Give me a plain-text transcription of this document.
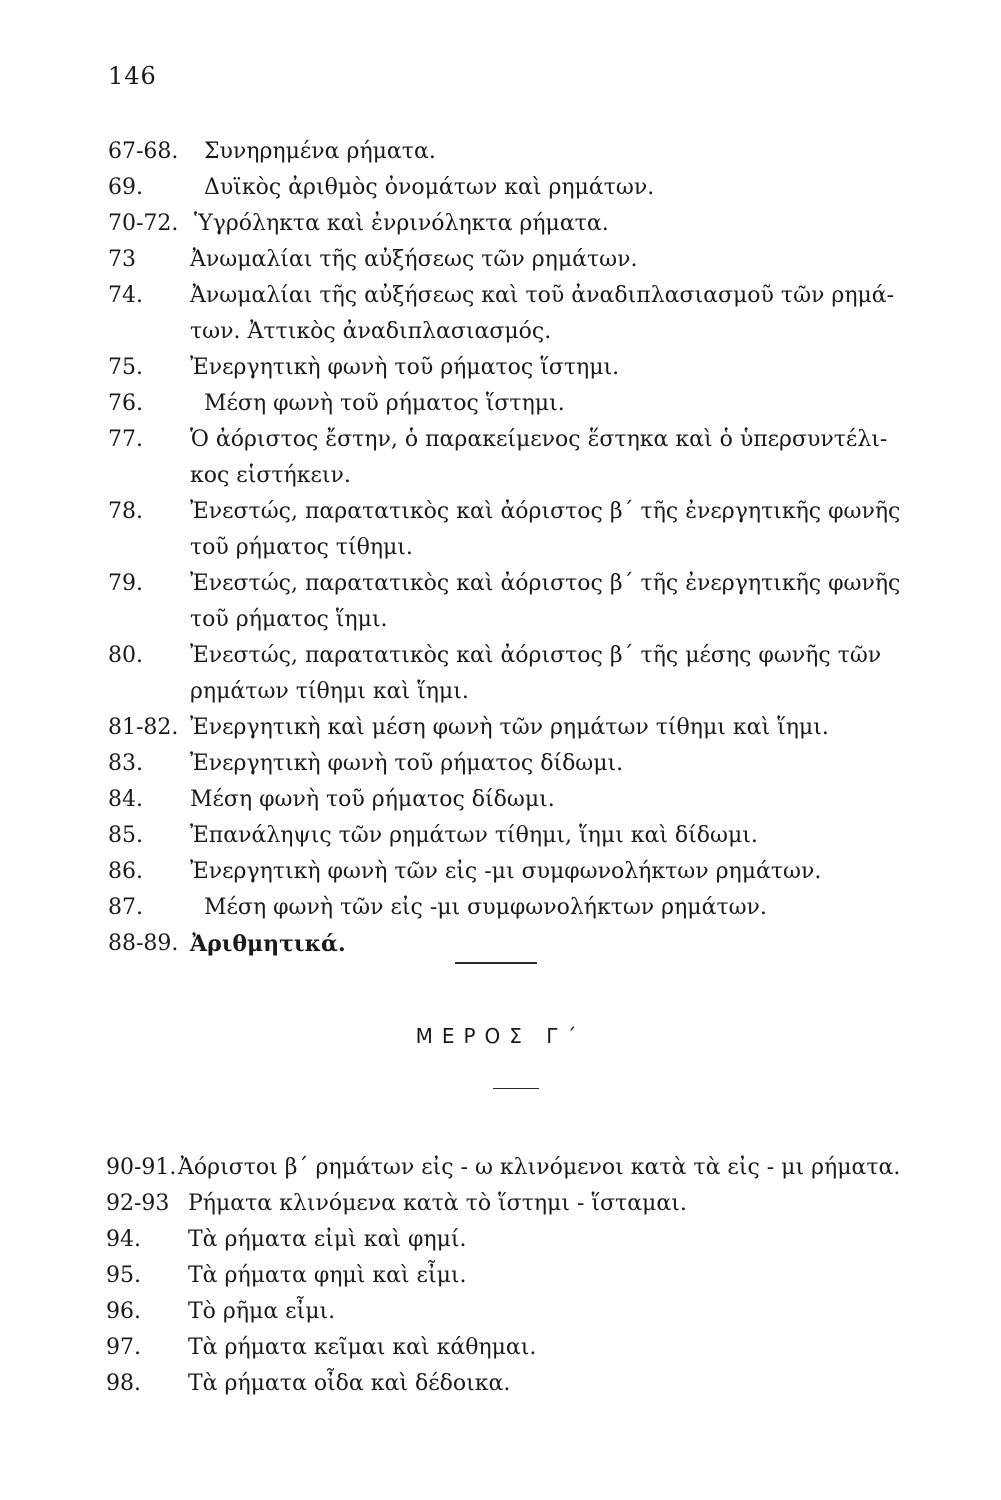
146
67-68. Συνηρημένα ρήματα.
69.	Δυϊκὸς ἀριθμὸς ὀνομάτων καὶ ρημάτων.
70-72. Ὑγρόληκτα καὶ ἐνρινόληκτα ρήματα.
73 Ἀνωμαλίαι τῆς αὐξήσεως τῶν ρημάτων.
74. Ἀνωμαλίαι τῆς αὐξήσεως καὶ τοῦ ἀναδιπλασιασμοῦ τῶν ρημά-
των. Ἀττικὸς ἀναδιπλασιασμός.
75. Ἐνεργητικὴ φωνὴ τοῦ ρήματος ἵστημι.
76.	Μέση φωνὴ τοῦ ρήματος ἵστημι.
77. Ὁ ἀόριστος ἔστην, ὁ παρακείμενος ἕστηκα καὶ ὁ ὑπερσυντέλι-
κος εἱστήκειν.
78. Ἐνεστώς, παρατατικὸς καὶ ἀόριστος β΄ τῆς ἐνεργητικῆς φωνῆς
τοῦ ρήματος τίθημι.
79. Ἐνεστώς, παρατατικὸς καὶ ἀόριστος β΄ τῆς ἐνεργητικῆς φωνῆς
τοῦ ρήματος ἵημι.
80. Ἐνεστώς, παρατατικὸς καὶ ἀόριστος β΄ τῆς μέσης φωνῆς τῶν
ρημάτων τίθημι καὶ ἵημι.
81-82. Ἐνεργητικὴ καὶ μέση φωνὴ τῶν ρημάτων τίθημι καὶ ἵημι.
83. Ἐνεργητικὴ φωνὴ τοῦ ρήματος δίδωμι.
84. Μέση φωνὴ τοῦ ρήματος δίδωμι.
85. Ἐπανάληψις τῶν ρημάτων τίθημι, ἵημι καὶ δίδωμι.
86. Ἐνεργητικὴ φωνὴ τῶν εἰς -μι συμφωνολήκτων ρημάτων.
87.	Μέση φωνὴ τῶν εἰς -μι συμφωνολήκτων ρημάτων.
88-89. Ἀριθμητικά.
ΜΕΡΟΣ Γ΄
90-91. Ἀόριστοι β΄ ρημάτων εἰς - ω κλινόμενοι κατὰ τὰ εἰς - μι ρήματα.
92-93 Ρήματα κλινόμενα κατὰ τὸ ἵστημι - ἵσταμαι.
94. Τὰ ρήματα εἰμὶ καὶ φημί.
95. Τὰ ρήματα φημὶ καὶ εἶμι.
96. Τὸ ρῆμα εἶμι.
97. Τὰ ρήματα κεῖμαι καὶ κάθημαι.
98. Τὰ ρήματα οἶδα καὶ δέδοικα.
